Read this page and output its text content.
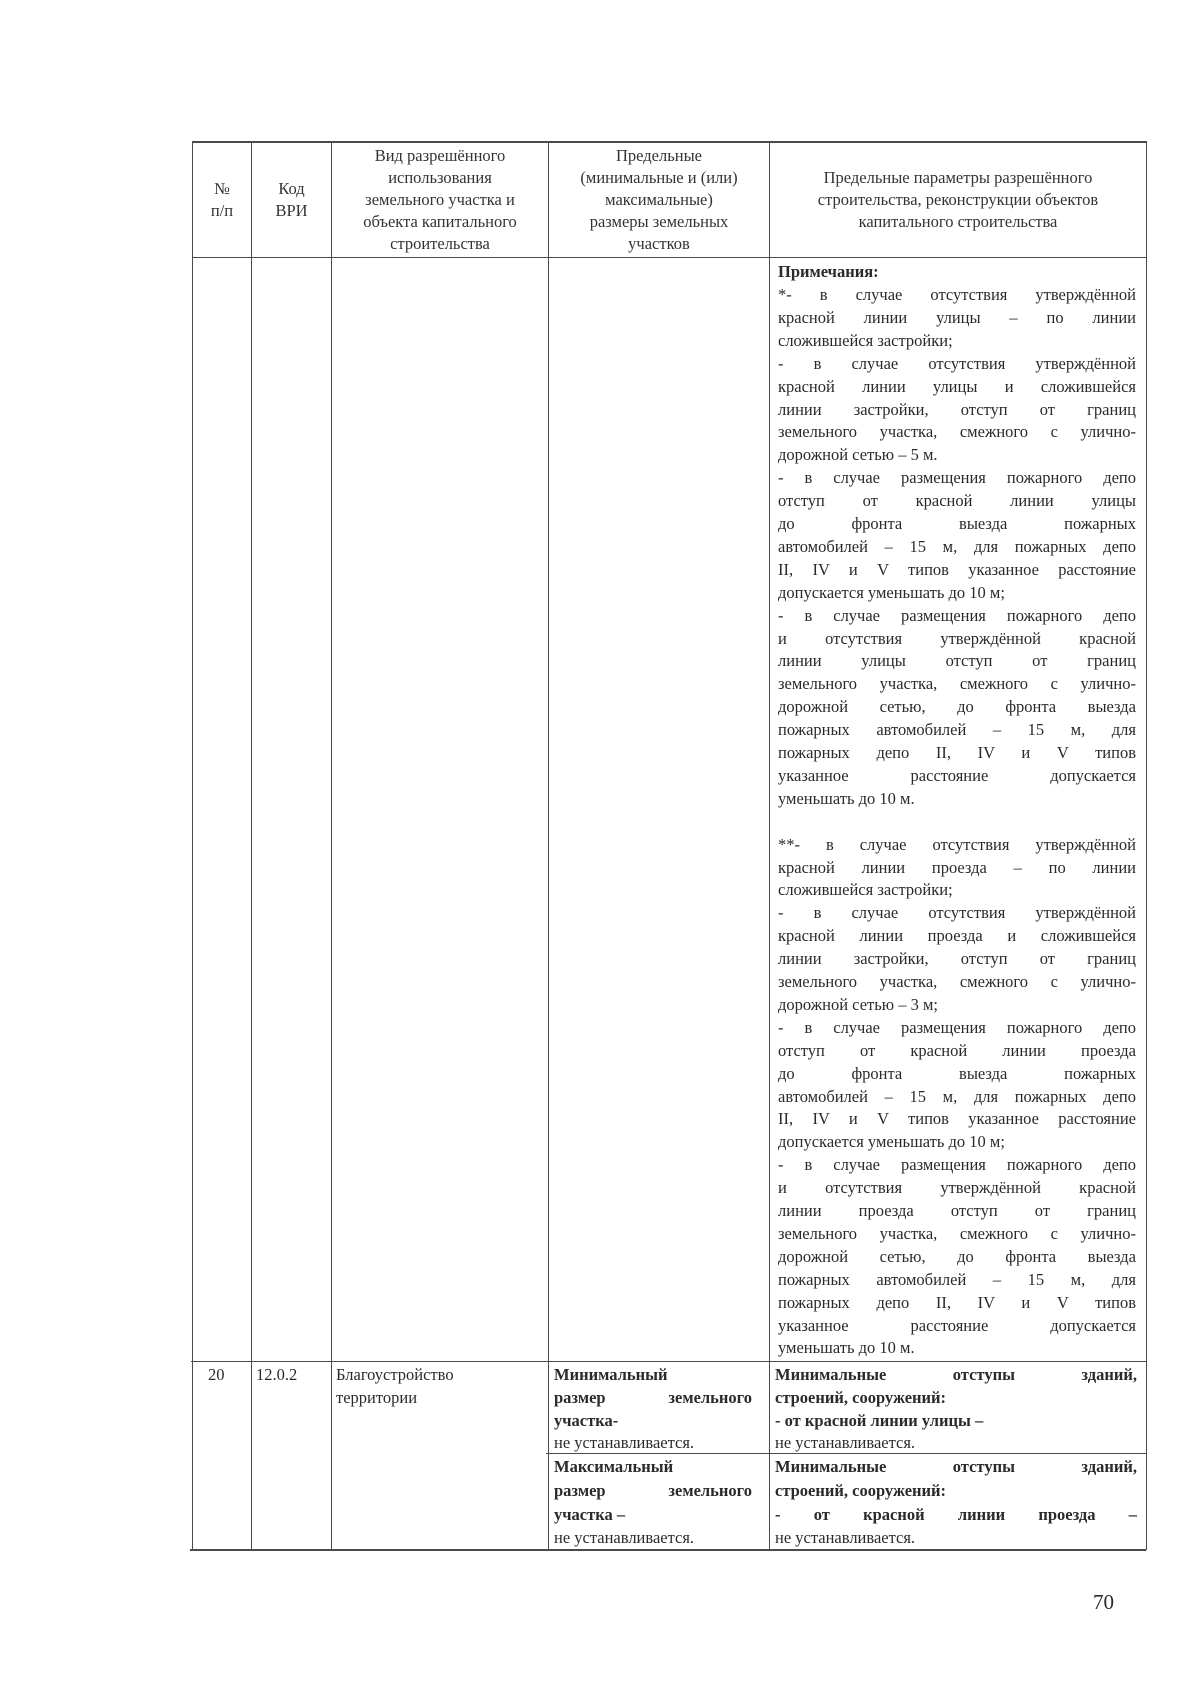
№
п/п
Код
ВРИ
Вид разрешённого
использования
земельного участка и
объекта капитального
строительства
Предельные
(минимальные и (или)
максимальные)
размеры земельных
участков
Предельные параметры разрешённого
строительства, реконструкции объектов
капитального строительства
Примечания:
*- в случае отсутствия утверждённой
красной линии улицы – по линии
сложившейся застройки;
- в случае отсутствия утверждённой
красной линии улицы и сложившейся
линии застройки, отступ от границ
земельного участка, смежного с улично-
дорожной сетью – 5 м.
- в случае размещения пожарного депо
отступ от красной линии улицы
до фронта выезда пожарных
автомобилей – 15 м, для пожарных депо
II, IV и V типов указанное расстояние
допускается уменьшать до 10 м;
- в случае размещения пожарного депо
и отсутствия утверждённой красной
линии улицы отступ от границ
земельного участка, смежного с улично-
дорожной сетью, до фронта выезда
пожарных автомобилей – 15 м, для
пожарных депо II, IV и V типов
указанное расстояние допускается
уменьшать до 10 м.
**- в случае отсутствия утверждённой
красной линии проезда – по линии
сложившейся застройки;
- в случае отсутствия утверждённой
красной линии проезда и сложившейся
линии застройки, отступ от границ
земельного участка, смежного с улично-
дорожной сетью – 3 м;
- в случае размещения пожарного депо
отступ от красной линии проезда
до фронта выезда пожарных
автомобилей – 15 м, для пожарных депо
II, IV и V типов указанное расстояние
допускается уменьшать до 10 м;
- в случае размещения пожарного депо
и отсутствия утверждённой красной
линии проезда отступ от границ
земельного участка, смежного с улично-
дорожной сетью, до фронта выезда
пожарных автомобилей – 15 м, для
пожарных депо II, IV и V типов
указанное расстояние допускается
уменьшать до 10 м.
20 12.0.2 Благоустройство
территории
Минимальный
размер земельного
участка-
не устанавливается.
Минимальные отступы зданий,
строений, сооружений:
- от красной линии улицы –
не устанавливается.
Максимальный
размер земельного
участка –
не устанавливается.
Минимальные отступы зданий,
строений, сооружений:
- от красной линии проезда –
не устанавливается.
70
